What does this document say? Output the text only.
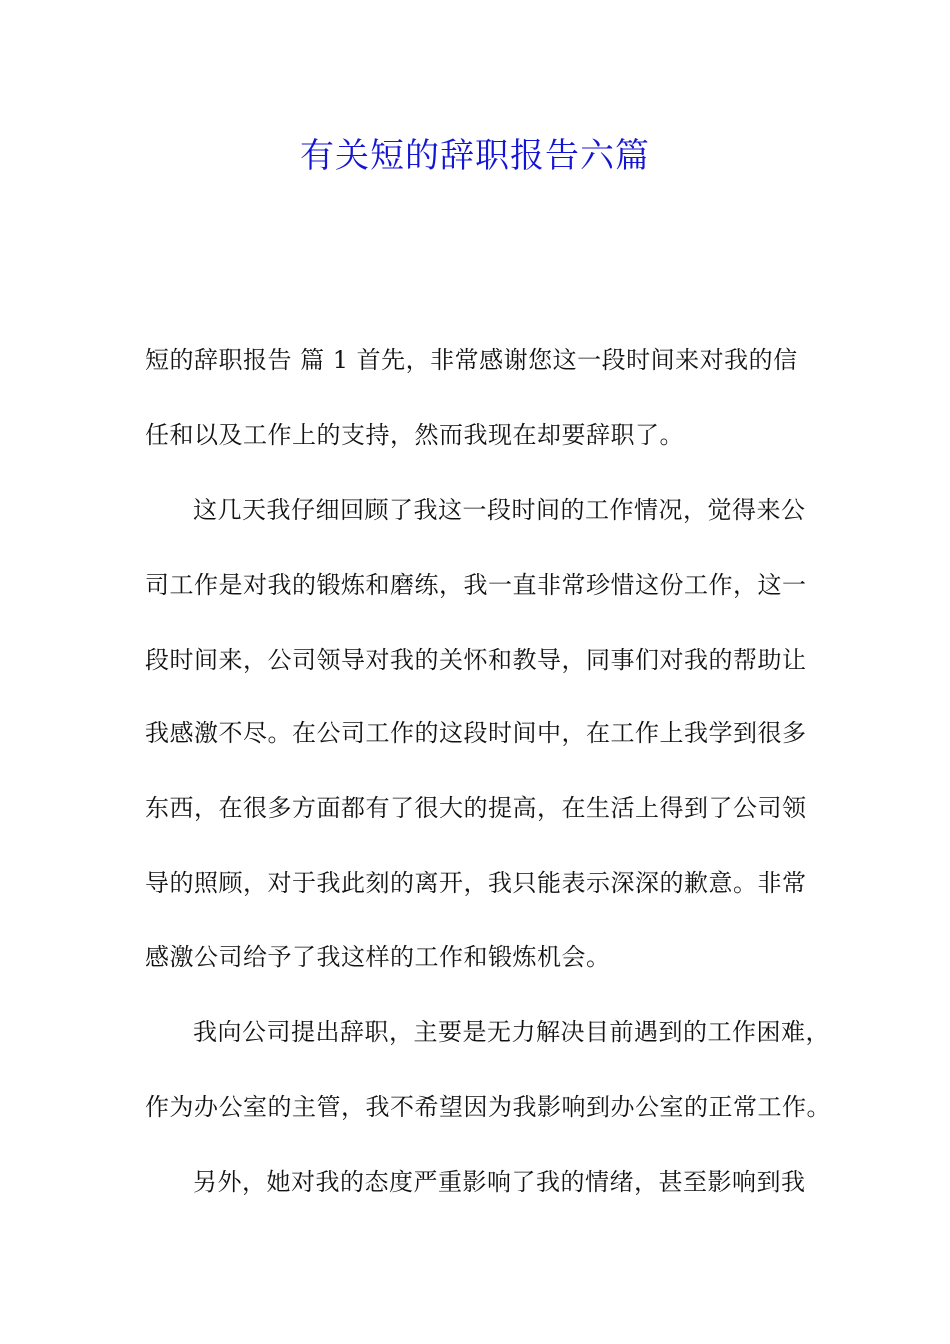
有关短的辞职报告六篇
短的辞职报告 篇 1 首先，非常感谢您这一段时间来对我的信
任和以及工作上的支持，然而我现在却要辞职了。
这几天我仔细回顾了我这一段时间的工作情况，觉得来公
司工作是对我的锻炼和磨练，我一直非常珍惜这份工作，这一
段时间来，公司领导对我的关怀和教导，同事们对我的帮助让
我感激不尽。在公司工作的这段时间中，在工作上我学到很多
东西，在很多方面都有了很大的提高，在生活上得到了公司领
导的照顾，对于我此刻的离开，我只能表示深深的歉意。非常
感激公司给予了我这样的工作和锻炼机会。
我向公司提出辞职，主要是无力解决目前遇到的工作困难，
作为办公室的主管，我不希望因为我影响到办公室的正常工作。
另外，她对我的态度严重影响了我的情绪，甚至影响到我
